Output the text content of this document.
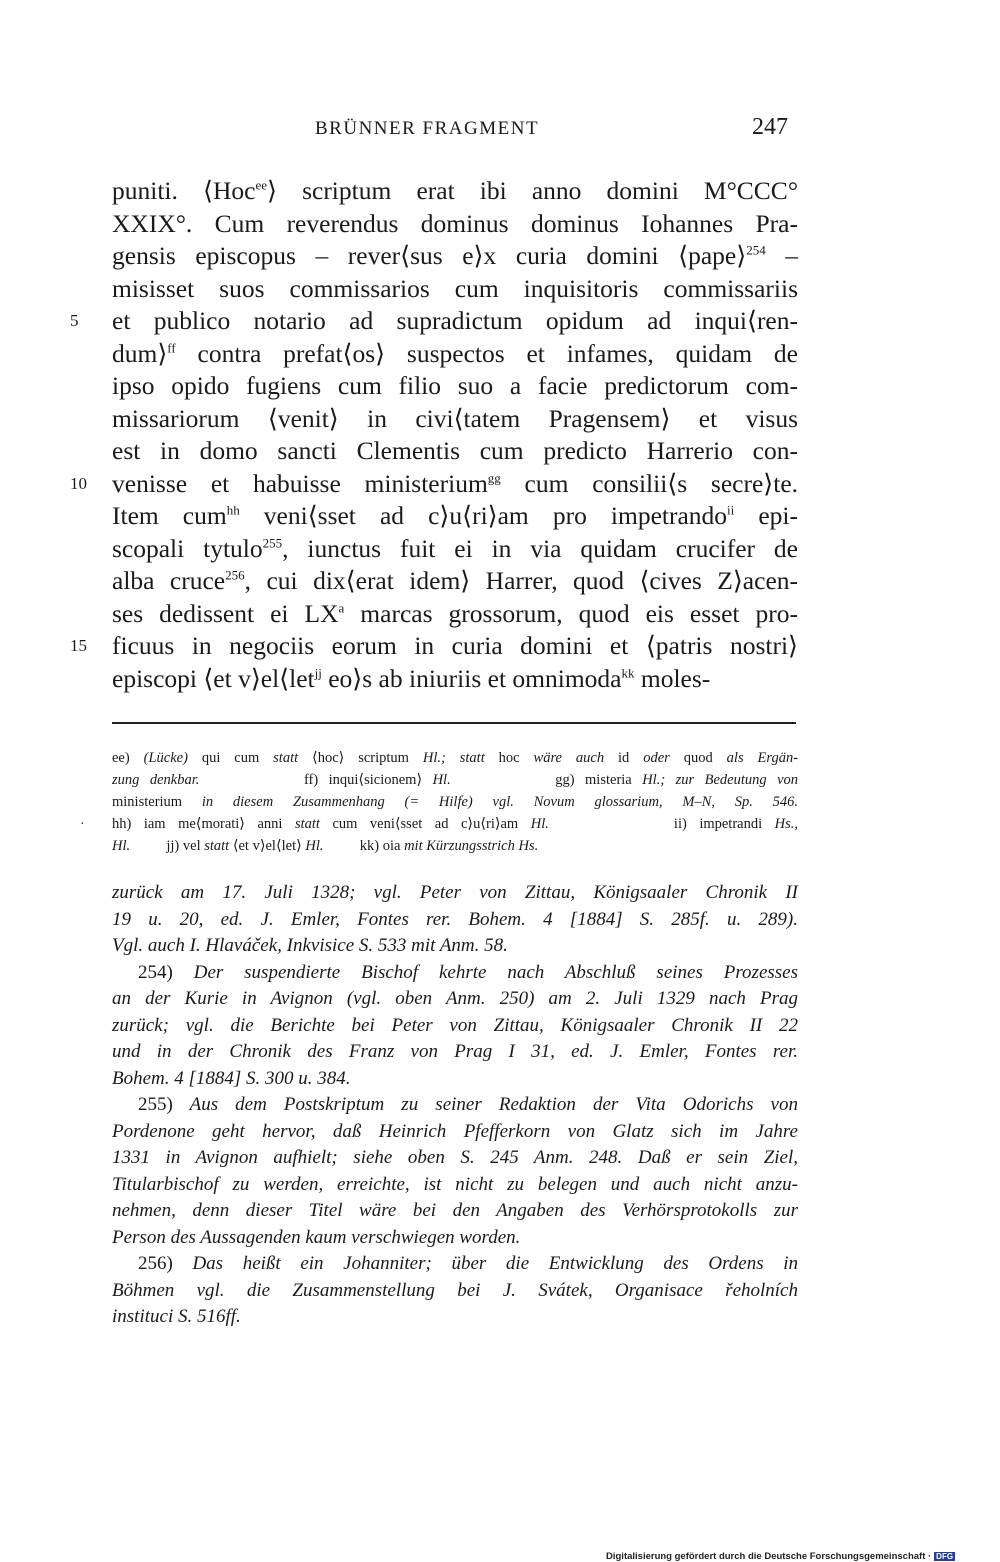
BRÜNNER FRAGMENT	247
puniti. ⟨Hoc$^{ee}$⟩ scriptum erat ibi anno domini M°CCC°
XXIX°. Cum reverendus dominus dominus Iohannes Pra-
gensis episcopus – rever⟨sus e⟩x curia domini ⟨pape⟩$^{254}$ –
misisset suos commissarios cum inquisitoris commissariis
5 et publico notario ad supradictum opidum ad inqui⟨ren-
dum⟩$^{ff}$ contra prefat⟨os⟩ suspectos et infames, quidam de
ipso opido fugiens cum filio suo a facie predictorum com-
missariorum ⟨venit⟩ in civi⟨tatem Pragensem⟩ et visus
est in domo sancti Clementis cum predicto Harrerio con-
10 venisse et habuisse ministerium$^{gg}$ cum consilii⟨s secre⟩te.
Item cum$^{hh}$ veni⟨sset ad c⟩u⟨ri⟩am pro impetrando$^{ii}$ epi-
scopali tytulo$^{255}$, iunctus fuit ei in via quidam crucifer de
alba cruce$^{256}$, cui dix⟨erat idem⟩ Harrer, quod ⟨cives Z⟩acen-
ses dedissent ei $LX^a$ marcas grossorum, quod eis esset pro-
15 ficuus in negociis eorum in curia domini et ⟨patris nostri⟩
episcopi ⟨et v⟩el⟨let$^{jj}$ eo⟩s ab iniuriis et omnimoda$^{kk}$ moles-
·
ee) (Lücke) qui cum statt ⟨hoc⟩ scriptum Hl.; statt hoc wäre auch id oder quod als Ergän-
zung denkbar.          ff) inqui⟨sicionem⟩ Hl.          gg) misteria Hl.; zur Bedeutung von
ministerium in diesem Zusammenhang (= Hilfe) vgl. Novum glossarium, M–N, Sp. 546.
hh) iam me⟨morati⟩ anni statt cum veni⟨sset ad c⟩u⟨ri⟩am Hl.          ii) impetrandi Hs.,
Hl.          jj) vel statt ⟨et v⟩el⟨let⟩ Hl.          kk) oia mit Kürzungsstrich Hs.
zurück am 17. Juli 1328; vgl. Peter von Zittau, Königsaaler Chronik II
19 u. 20, ed. J. Emler, Fontes rer. Bohem. 4 [1884] S. 285f. u. 289).
Vgl. auch I. Hlaváček, Inkvisice S. 533 mit Anm. 58.
254) Der suspendierte Bischof kehrte nach Abschluß seines Prozesses
an der Kurie in Avignon (vgl. oben Anm. 250) am 2. Juli 1329 nach Prag
zurück; vgl. die Berichte bei Peter von Zittau, Königsaaler Chronik II 22
und in der Chronik des Franz von Prag I 31, ed. J. Emler, Fontes rer.
Bohem. 4 [1884] S. 300 u. 384.
255) Aus dem Postskriptum zu seiner Redaktion der Vita Odorichs von
Pordenone geht hervor, daß Heinrich Pfefferkorn von Glatz sich im Jahre
1331 in Avignon aufhielt; siehe oben S. 245 Anm. 248. Daß er sein Ziel,
Titularbischof zu werden, erreichte, ist nicht zu belegen und auch nicht anzu-
nehmen, denn dieser Titel wäre bei den Angaben des Verhörsprotokolls zur
Person des Aussagenden kaum verschwiegen worden.
256) Das heißt ein Johanniter; über die Entwicklung des Ordens in
Böhmen vgl. die Zusammenstellung bei J. Svátek, Organisace řeholních
instituci S. 516ff.
Digitalisierung gefördert durch die Deutsche Forschungsgemeinschaft · DFG
